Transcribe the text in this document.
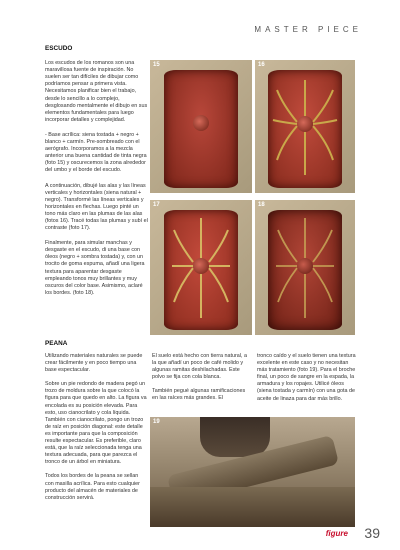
MASTER PIECE
ESCUDO

Los escudos de los romanos son una maravillosa fuente de inspiración. No suelen ser tan difíciles de dibujar como podríamos pensar a primera vista. Necesitamos planificar bien el trabajo, desde lo sencillo a lo complejo, desglosando mentalmente el dibujo en sus elementos fundamentales para luego incorporar detalles y complejidad.

- Base acrílica: siena tostada + negro + blanco + carmín. Pre-sombreado con el aerógrafo. Incorporamos a la mezcla anterior una buena cantidad de tinta negra (foto 15) y oscurecemos la zona alrededor del umbo y el borde del escudo.

A continuación, dibujé las alas y las líneas verticales y horizontales (siena natural + negro). Transformé las líneas verticales y horizontales en flechas. Luego pinté un tono más claro en las plumas de las alas (fotos 16). Tracé todas las plumas y subí el contraste (foto 17).

Finalmente, para simular manchas y desgaste en el escudo, di una base con óleos (negro + sombra tostada) y, con un trocito de goma espuma, añadí una ligera textura para aparentar desgaste empleando tonos muy brillantes y muy oscuros del color base. Asimismo, aclaré los bordes. (foto 18).

15	16
17	18
PEANA

Utilizando materiales naturales se puede crear fácilmente y en poco tiempo una base espectacular.

Sobre un pie redondo de madera pegó un trozo de moldura sobre la que colocó la figura para que quedo en alto. La figura va encolada es su posición elevada. Para esto, uso cianocrilato y cola líquida. También con cianocrilato, pongo un trozo de raíz en posición diagonal: este detalle es importante para que la composición resulte espectacular. Es preferible, claro está, que la raíz seleccionada tenga una textura adecuada, para que parezca el tronco de un árbol en miniatura.

Todos los bordes de la peana se sellan con masilla acrílica. Para esto cualquier producto del almacén de materiales de construcción servirá.

El suelo está hecho con tierra natural, a la que añadí un poco de café molido y algunas ramitas deshilachadas. Este polvo se fija con cola blanca.

También pegué algunas ramificaciones en las raíces más grandes. El

tronco caído y el suelo tienen una textura excelente en este caso y no necesitan más tratamiento (foto 19). Para el broche final, un poco de sangre en la espada, la armadura y los ropajes. Utilicé óleos (siena tostada y carmín) con una gota de aceite de linaza para dar más brillo.

19
figure 39
